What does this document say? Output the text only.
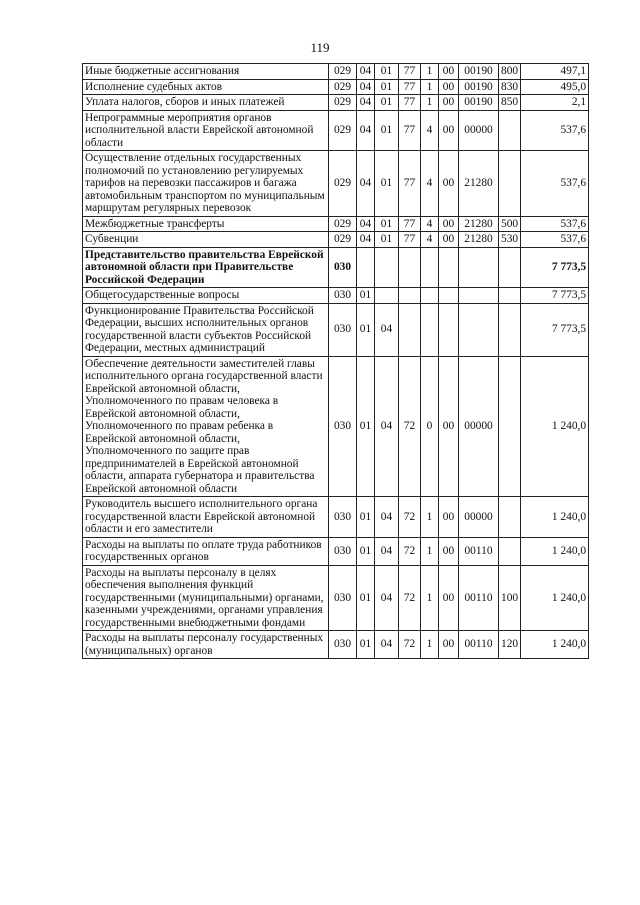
119
Иные бюджетные ассигнования	029	04	01	77	1	00	00190	800	497,1
Исполнение судебных актов	029	04	01	77	1	00	00190	830	495,0
Уплата налогов, сборов и иных платежей	029	04	01	77	1	00	00190	850	2,1
Непрограммные мероприятия органов исполнительной власти Еврейской автономной области	029	04	01	77	4	00	00000		537,6
Осуществление отдельных государственных полномочий по установлению регулируемых тарифов на перевозки пассажиров и багажа автомобильным транспортом по муниципальным маршрутам регулярных перевозок	029	04	01	77	4	00	21280		537,6
Межбюджетные трансферты	029	04	01	77	4	00	21280	500	537,6
Субвенции	029	04	01	77	4	00	21280	530	537,6
Представительство правительства Еврейской автономной области при Правительстве Российской Федерации	030								7 773,5
Общегосударственные вопросы	030	01							7 773,5
Функционирование Правительства Российской Федерации, высших исполнительных органов государственной власти субъектов Российской Федерации, местных администраций	030	01	04						7 773,5
Обеспечение деятельности заместителей главы исполнительного органа государственной власти Еврейской автономной области, Уполномоченного по правам человека в Еврейской автономной области, Уполномоченного по правам ребенка в Еврейской автономной области, Уполномоченного по защите прав предпринимателей в Еврейской автономной области, аппарата губернатора и правительства Еврейской автономной области	030	01	04	72	0	00	00000		1 240,0
Руководитель высшего исполнительного органа государственной власти Еврейской автономной области и его заместители	030	01	04	72	1	00	00000		1 240,0
Расходы на выплаты по оплате труда работников государственных органов	030	01	04	72	1	00	00110		1 240,0
Расходы на выплаты персоналу в целях обеспечения выполнения функций государственными (муниципальными) органами, казенными учреждениями, органами управления государственными внебюджетными фондами	030	01	04	72	1	00	00110	100	1 240,0
Расходы на выплаты персоналу государственных (муниципальных) органов	030	01	04	72	1	00	00110	120	1 240,0
